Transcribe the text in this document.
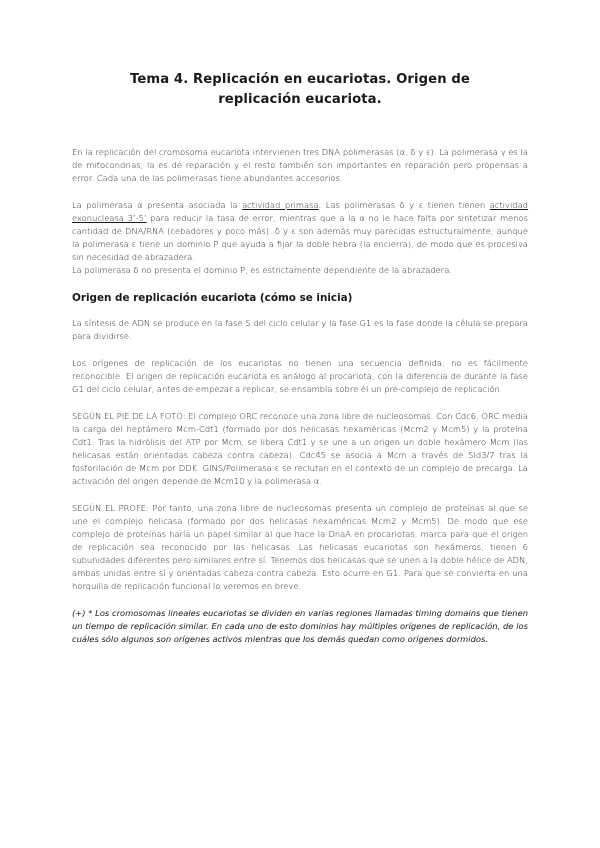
Tema 4. Replicación en eucariotas. Origen de replicación eucariota.

En la replicación del cromosoma eucariota intervienen tres DNA polimerasas (α, δ y ε). La polimerasa γ es la de mitocondrias, la es de reparación y el resto también son importantes en reparación pero propensas a error. Cada una de las polimerasas tiene abundantes accesorios.

La polimerasa α presenta asociada la actividad primasa. Las polimerasas δ y ε tienen tienen actividad exonucleasa 3’-5’ para reducir la tasa de error, mientras que a la α no le hace falta por sintetizar menos cantidad de DNA/RNA (cebadores y poco más). δ y ε son además muy parecidas estructuralmente, aunque la polimerasa ε tiene un dominio P que ayuda a fijar la doble hebra (la encierra), de modo que es procesiva sin necesidad de abrazadera.

La polimerasa δ no presenta el dominio P, es estrictamente dependiente de la abrazadera.

Origen de replicación eucariota (cómo se inicia)

La síntesis de ADN se produce en la fase S del ciclo celular y la fase G1 es la fase donde la célula se prepara para dividirse.

Los orígenes de replicación de los eucariotas no tienen una secuencia definida, no es fácilmente reconocible. El origen de replicación eucariota es análogo al procariota, con la diferencia de durante la fase G1 del ciclo celular, antes de empezar a replicar, se ensambla sobre él un pre-complejo de replicación

SEGÚN EL PIE DE LA FOTO: El complejo ORC reconoce una zona libre de nucleosomas. Con Cdc6, ORC media la carga del heptámero Mcm-Cdt1 (formado por dos helicasas hexaméricas (Mcm2 y Mcm5) y la proteína Cdt1. Tras la hidrólisis del ATP por Mcm, se libera Cdt1 y se une a un origen un doble hexámero Mcm (las helicasas están orientadas cabeza contra cabeza). Cdc45 se asocia a Mcm a través de Sld3/7 tras la fosforilación de Mcm por DDK. GINS/Polimerasa ε se reclutan en el contexto de un complejo de precarga. La activación del origen depende de Mcm10 y la polimerasa α.

SEGÚN EL PROFE: Por tanto, una zona libre de nucleosomas presenta un complejo de proteínas al que se une el complejo helicasa (formado por dos helicasas hexaméricas Mcm2 y Mcm5). De modo que ese complejo de proteínas haría un papel similar al que hace la DnaA en procariotas, marca para que el origen de replicación sea reconocido por las helicasas. Las helicasas eucariotas son hexámeros, tienen 6 subunidades diferentes pero similares entre sí. Tenemos dos helicasas que se unen a la doble hélice de ADN, ambas unidas entre sí y orientadas cabeza contra cabeza. Esto ocurre en G1. Para que se convierta en una horquilla de replicación funcional lo veremos en breve.

(+) * Los cromosomas lineales eucariotas se dividen en varias regiones llamadas timing domains que tienen un tiempo de replicación similar. En cada uno de esto dominios hay múltiples orígenes de replicación, de los cuáles sólo algunos son orígenes activos mientras que los demás quedan como orígenes dormidos.
